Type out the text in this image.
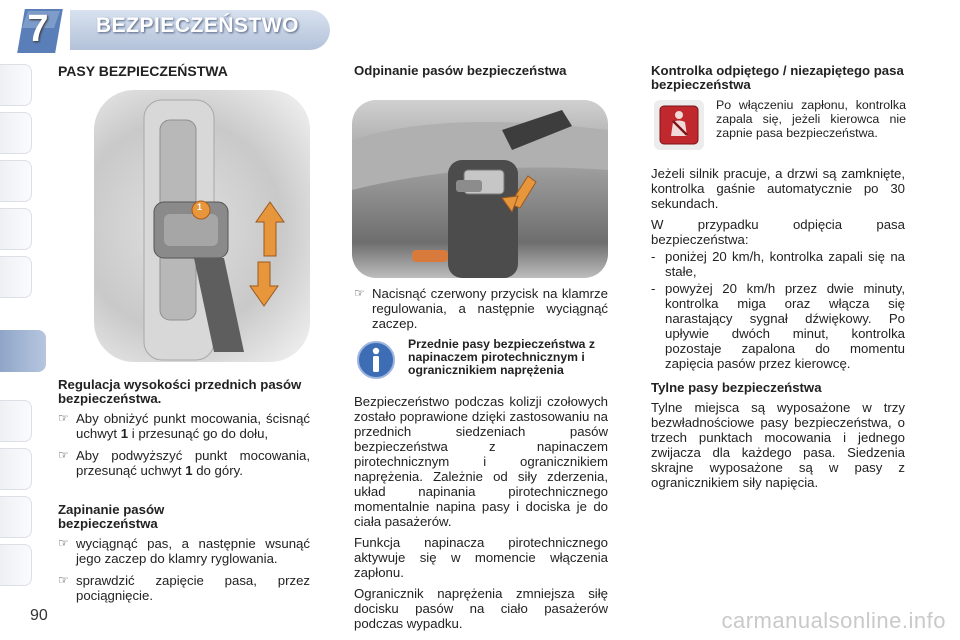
7	BEZPIECZEŃSTWO
90	carmanualsonline.info
1
PASY BEZPIECZEŃSTWA
Regulacja wysokości przednich pasów bezpieczeństwa.
☞ Aby obniżyć punkt mocowania, ścisnąć uchwyt 1 i przesunąć go do dołu,
☞ Aby podwyższyć punkt mocowania, przesunąć uchwyt 1 do góry.
Zapinanie pasów bezpieczeństwa
☞ wyciągnąć pas, a następnie wsunąć jego zaczep do klamry ryglowania.
☞ sprawdzić zapięcie pasa, przez pociągnięcie.
Odpinanie pasów bezpieczeństwa
☞ Nacisnąć czerwony przycisk na klamrze regulowania, a następnie wyciągnąć zaczep.
Przednie pasy bezpieczeństwa z napinaczem pirotechnicznym i ogranicznikiem naprężenia

Bezpieczeństwo podczas kolizji czołowych zostało poprawione dzięki zastosowaniu na przednich siedzeniach pasów bezpieczeństwa z napinaczem pirotechnicznym i ogranicznikiem naprężenia. Zależnie od siły zderzenia, układ napinania pirotechnicznego momentalnie napina pasy i dociska je do ciała pasażerów.

Funkcja napinacza pirotechnicznego aktywuje się w momencie włączenia zapłonu.

Ogranicznik naprężenia zmniejsza siłę docisku pasów na ciało pasażerów podczas wypadku.

Kontrolka odpiętego / niezapiętego pasa bezpieczeństwa

Po włączeniu zapłonu, kontrolka zapala się, jeżeli kierowca nie zapnie pasa bezpieczeństwa.

Jeżeli silnik pracuje, a drzwi są zamknięte, kontrolka gaśnie automatycznie po 30 sekundach.

W przypadku odpięcia pasa bezpieczeństwa:

- poniżej 20 km/h, kontrolka zapali się na stałe,
- powyżej 20 km/h przez dwie minuty, kontrolka miga oraz włącza się narastający sygnał dźwiękowy. Po upływie dwóch minut, kontrolka pozostaje zapalona do momentu zapięcia pasów przez kierowcę.
Tylne pasy bezpieczeństwa

Tylne miejsca są wyposażone w trzy bezwładnościowe pasy bezpieczeństwa, o trzech punktach mocowania i jednego zwijacza dla każdego pasa. Siedzenia skrajne wyposażone są w pasy z ogranicznikiem siły napięcia.
